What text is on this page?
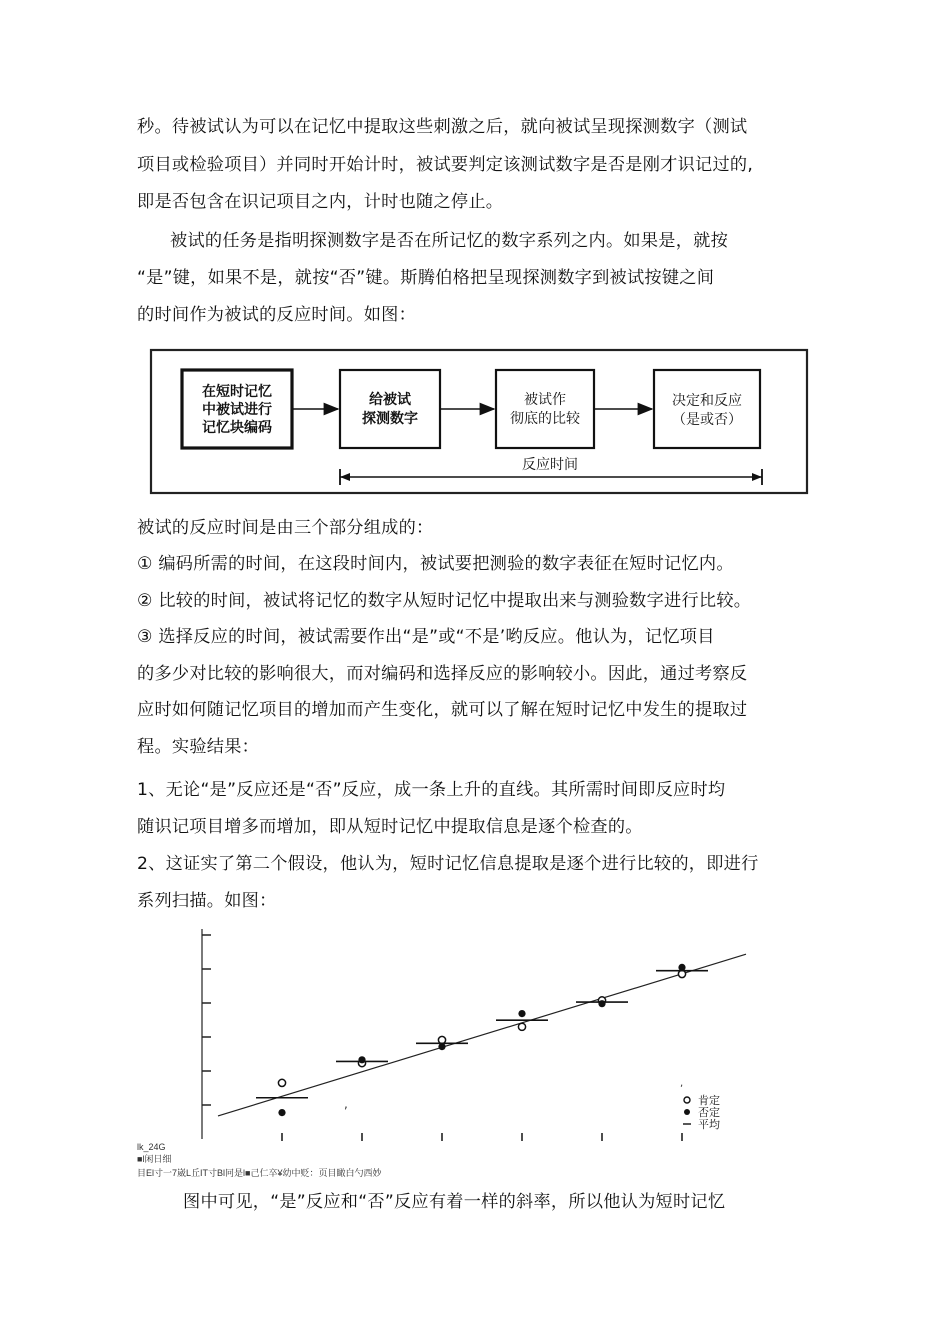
秒。待被试认为可以在记忆中提取这些刺激之后，就向被试呈现探测数字（测试
项目或检验项目）并同时开始计时，被试要判定该测试数字是否是刚才识记过的,
即是否包含在识记项目之内，计时也随之停止。
被试的任务是指明探测数字是否在所记忆的数字系列之内。如果是，就按
“是”键，如果不是，就按“否”键。斯腾伯格把呈现探测数字到被试按键之间
的时间作为被试的反应时间。如图：
在短时记忆
中被试进行
记忆块编码
给被试
探测数字
被试作
彻底的比较
决定和反应
（是或否）
反应时间
被试的反应时间是由三个部分组成的：
① 编码所需的时间，在这段时间内，被试要把测验的数字表征在短时记忆内。
② 比较的时间，被试将记忆的数字从短时记忆中提取出来与测验数字进行比较。
③ 选择反应的时间，被试需要作出“是”或“不是’哟反应。他认为，记忆项目
的多少对比较的影响很大，而对编码和选择反应的影响较小。因此，通过考察反
应时如何随记忆项目的增加而产生变化，就可以了解在短时记忆中发生的提取过
程。实验结果：
1、无论“是”反应还是“否”反应，成一条上升的直线。其所需时间即反应时均
随识记项目增多而增加，即从短时记忆中提取信息是逐个检查的。
2、这证实了第二个假设，他认为，短时记忆信息提取是逐个进行比较的，即进行
系列扫描。如图：
,
,
肯定
否定
平均
lk_24G
■l闲日细
目El寸一7崴L丘IT寸Bl冋是l■己仁卒¥幼中贬：页目瞰白勺西妙
图中可见，“是”反应和“否”反应有着一样的斜率，所以他认为短时记忆
